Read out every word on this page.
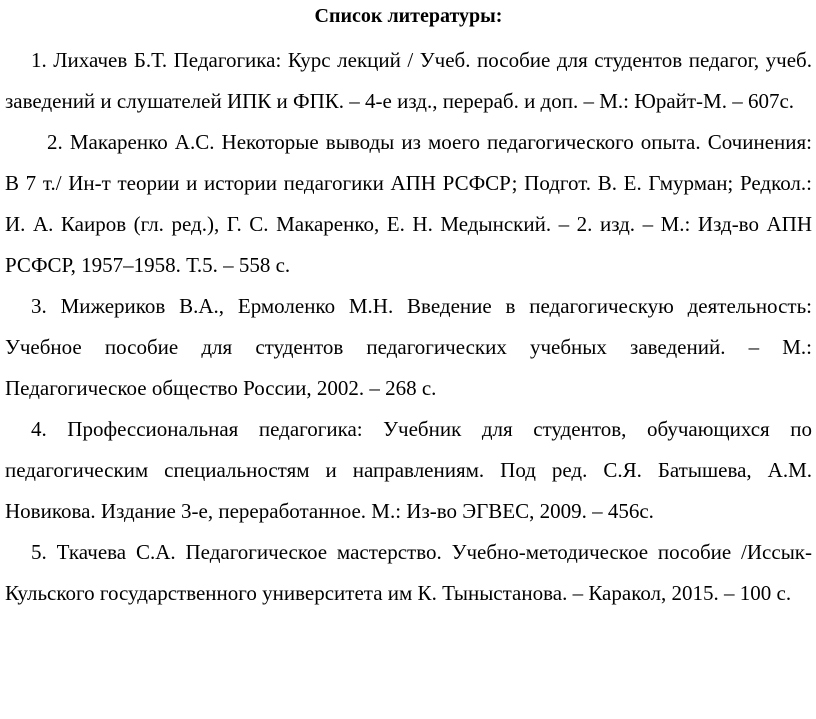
Список литературы:

1. Лихачев Б.Т. Педагогика: Курс лекций / Учеб. пособие для студентов педагог, учеб. заведений и слушателей ИПК и ФПК. – 4-е изд., перераб. и доп. – М.: Юрайт-М. – 607с.

2. Макаренко А.С. Некоторые выводы из моего педагогического опыта. Сочинения: В 7 т./ Ин-т теории и истории педагогики АПН РСФСР; Подгот. В. Е. Гмурман; Редкол.: И. А. Каиров (гл. ред.), Г. С. Макаренко, Е. Н. Медынский. – 2. изд. – М.: Изд-во АПН РСФСР, 1957–1958. Т.5. – 558 с.

3. Мижериков В.А., Ермоленко М.Н. Введение в педагогическую деятельность: Учебное пособие для студентов педагогических учебных заведений. – М.: Педагогическое общество России, 2002. – 268 с.

4. Профессиональная педагогика: Учебник для студентов, обучающихся по педагогическим специальностям и направлениям. Под ред. С.Я. Батышева, А.М. Новикова. Издание 3-е, переработанное. М.: Из-во ЭГВЕС, 2009. – 456с.

5. Ткачева С.А. Педагогическое мастерство. Учебно-методическое пособие /Иссык-Кульского государственного университета им К. Тыныстанова. – Каракол, 2015. – 100 с.
